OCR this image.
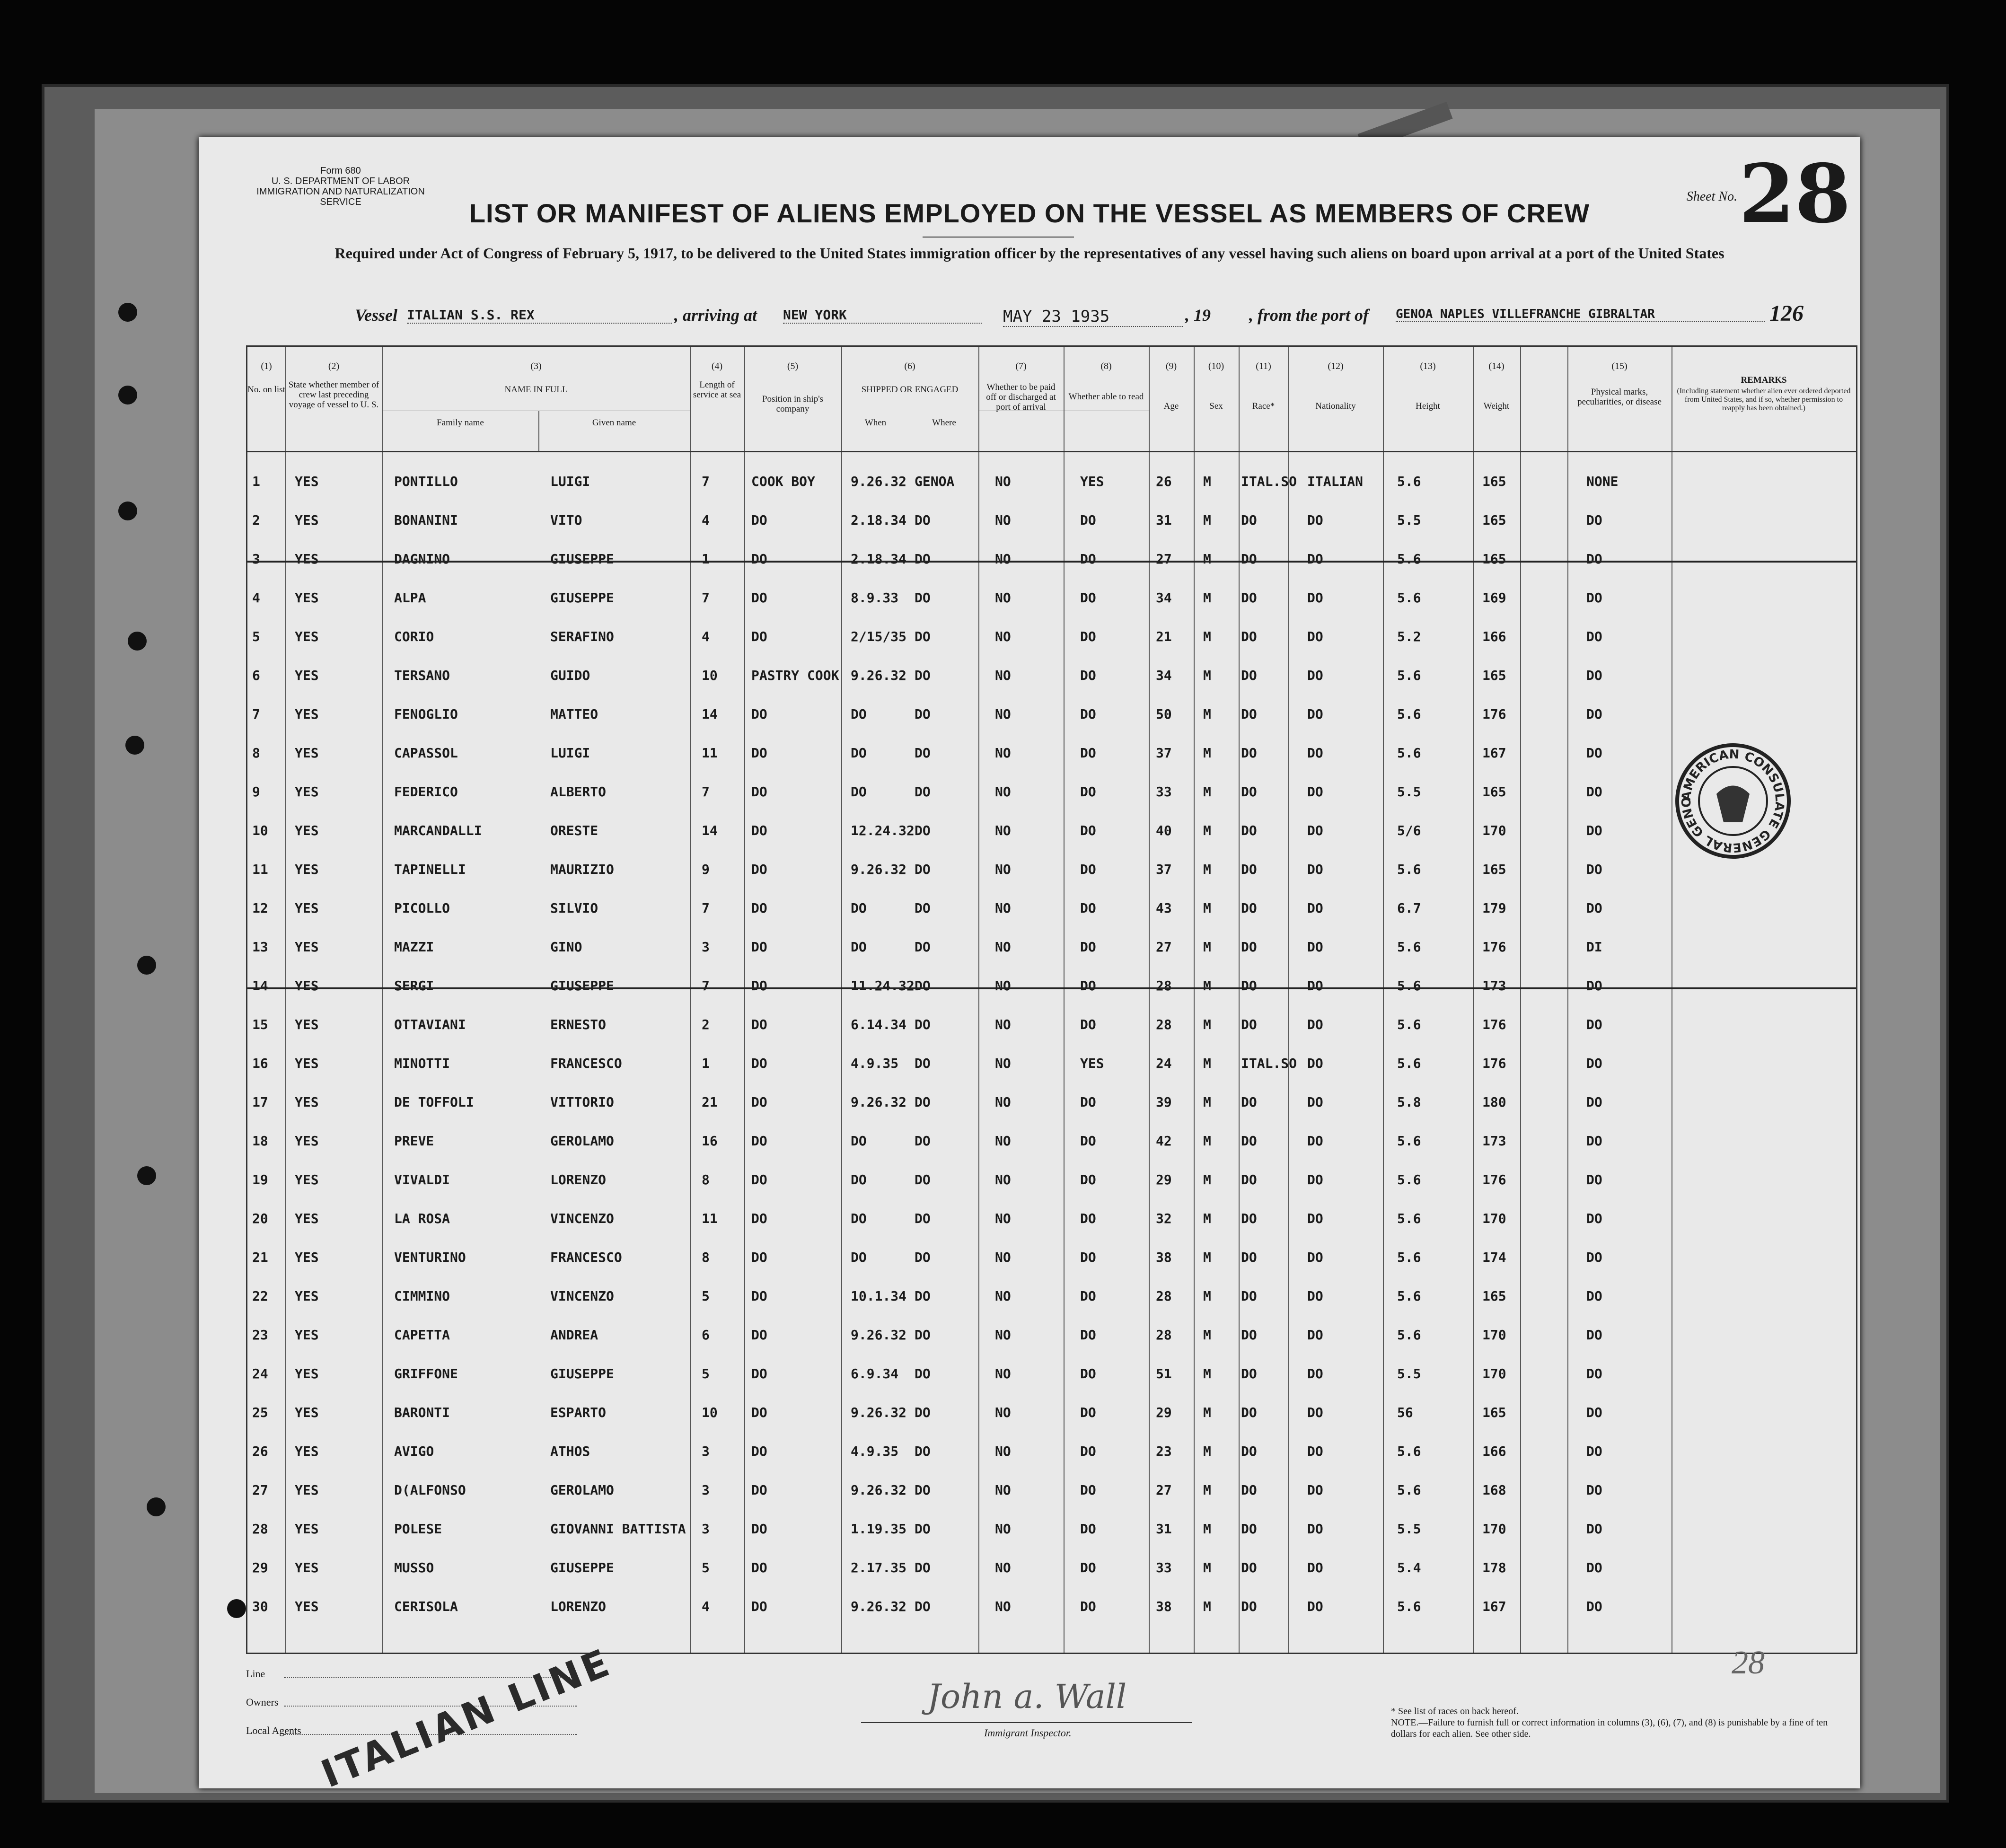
Form 680
U. S. DEPARTMENT OF LABOR
IMMIGRATION AND NATURALIZATION SERVICE	Sheet No. 28
LIST OR MANIFEST OF ALIENS EMPLOYED ON THE VESSEL AS MEMBERS OF CREW
Required under Act of Congress of February 5, 1917, to be delivered to the United States immigration officer by the representatives of any vessel having such aliens on board upon arrival at a port of the United States
Vessel ITALIAN S.S. REX	, arriving at NEW YORK	MAY 23 1935	, 19 , from the port of GENOA NAPLES VILLEFRANCHE GIBRALTAR	126
(1)	(2)	(3)	(4)	(5)	(6)	(7)	(8)	(9)	(10)	(11)	(12)	(13)	(14)	(15)
No. on list State whether member of crew last preceding voyage of vessel to U. S.
NAME IN FULL
Family name	Given name
Length of service at sea	Position in ship's company
SHIPPED OR ENGAGED
When	Where
Whether to be paid off or discharged at port of arrival
Whether able to read
Age	Sex	Race*	Nationality	Height	Weight
Physical marks, peculiarities, or disease
REMARKS
(Including statement whether alien ever ordered deported from United States, and if so, whether permission to reapply has been obtained.)
1	YES	PONTILLO	LUIGI	7	COOK BOY	9.26.32 GENOA	NO	YES	26	M	ITAL.SO ITALIAN	5.6	165	NONE
2	YES	BONANINI	VITO	4	DO	2.18.34 DO	NO	DO	31	M	DO	DO	5.5	165	DO
3	YES	DAGNINO	GIUSEPPE	1	DO	2.18.34 DO	NO	DO	27	M	DO	DO	5.6	165	DO
4	YES	ALPA	GIUSEPPE	7	DO	8.9.33	DO	NO	DO	34	M	DO	DO	5.6	169	DO
5	YES	CORIO	SERAFINO	4	DO	2/15/35 DO	NO	DO	21	M	DO	DO	5.2	166	DO
6	YES	TERSANO	GUIDO	10	PASTRY COOK 9.26.32 DO	NO	DO	34	M	DO	DO	5.6	165	DO
7	YES	FENOGLIO	MATTEO	14	DO	DO	DO	NO	DO	50	M	DO	DO	5.6	176	DO
8	YES	CAPASSOL	LUIGI	11	DO	DO	DO	NO	DO	37	M	DO	DO	5.6	167	DO
9	YES	FEDERICO	ALBERTO	7	DO	DO	DO	NO	DO	33	M	DO	DO	5.5	165	DO
10	YES	MARCANDALLI	ORESTE	14	DO	12.24.32 DO	NO	DO	40	M	DO	DO	5/6	170	DO
11	YES	TAPINELLI	MAURIZIO	9	DO	9.26.32 DO	NO	DO	37	M	DO	DO	5.6	165	DO
12	YES	PICOLLO	SILVIO	7	DO	DO	DO	NO	DO	43	M	DO	DO	6.7	179	DO
13	YES	MAZZI	GINO	3	DO	DO	DO	NO	DO	27	M	DO	DO	5.6	176	DI
14	YES	SERGI	GIUSEPPE	7	DO	11.24.32 DO	NO	DO	28	M	DO	DO	5.6	173	DO
15	YES	OTTAVIANI	ERNESTO	2	DO	6.14.34 DO	NO	DO	28	M	DO	DO	5.6	176	DO
16	YES	MINOTTI	FRANCESCO	1	DO	4.9.35	DO	NO	YES	24	M	ITAL.SO DO	5.6	176	DO
17	YES	DE TOFFOLI	VITTORIO	21	DO	9.26.32 DO	NO	DO	39	M	DO	DO	5.8	180	DO
18	YES	PREVE	GEROLAMO	16	DO	DO	DO	NO	DO	42	M	DO	DO	5.6	173	DO
19	YES	VIVALDI	LORENZO	8	DO	DO	DO	NO	DO	29	M	DO	DO	5.6	176	DO
20	YES	LA ROSA	VINCENZO	11	DO	DO	DO	NO	DO	32	M	DO	DO	5.6	170	DO
21	YES	VENTURINO	FRANCESCO	8	DO	DO	DO	NO	DO	38	M	DO	DO	5.6	174	DO
22	YES	CIMMINO	VINCENZO	5	DO	10.1.34 DO	NO	DO	28	M	DO	DO	5.6	165	DO
23	YES	CAPETTA	ANDREA	6	DO	9.26.32 DO	NO	DO	28	M	DO	DO	5.6	170	DO
24	YES	GRIFFONE	GIUSEPPE	5	DO	6.9.34	DO	NO	DO	51	M	DO	DO	5.5	170	DO
25	YES	BARONTI	ESPARTO	10	DO	9.26.32 DO	NO	DO	29	M	DO	DO	56	165	DO
26	YES	AVIGO	ATHOS	3	DO	4.9.35	DO	NO	DO	23	M	DO	DO	5.6	166	DO
27	YES	D(ALFONSO	GEROLAMO	3	DO	9.26.32 DO	NO	DO	27	M	DO	DO	5.6	168	DO
28	YES	POLESE	GIOVANNI BATTISTA 3	DO	1.19.35 DO	NO	DO	31	M	DO	DO	5.5	170	DO
29	YES	MUSSO	GIUSEPPE	5	DO	2.17.35 DO	NO	DO	33	M	DO	DO	5.4	178	DO
30	YES	CERISOLA	LORENZO	4	DO	9.26.32 DO	NO	DO	38	M	DO	DO	5.6	167	DO
AMERICAN CONSULATE GENERAL GENO
Line
Owners
Local Agents ITALIAN LINE	John a. Wall
Immigrant Inspector.
* See list of races on back hereof.
NOTE.—Failure to furnish full or correct information in columns (3), (6), (7), and (8) is punishable by a fine of ten dollars for each alien. See other side.
28
